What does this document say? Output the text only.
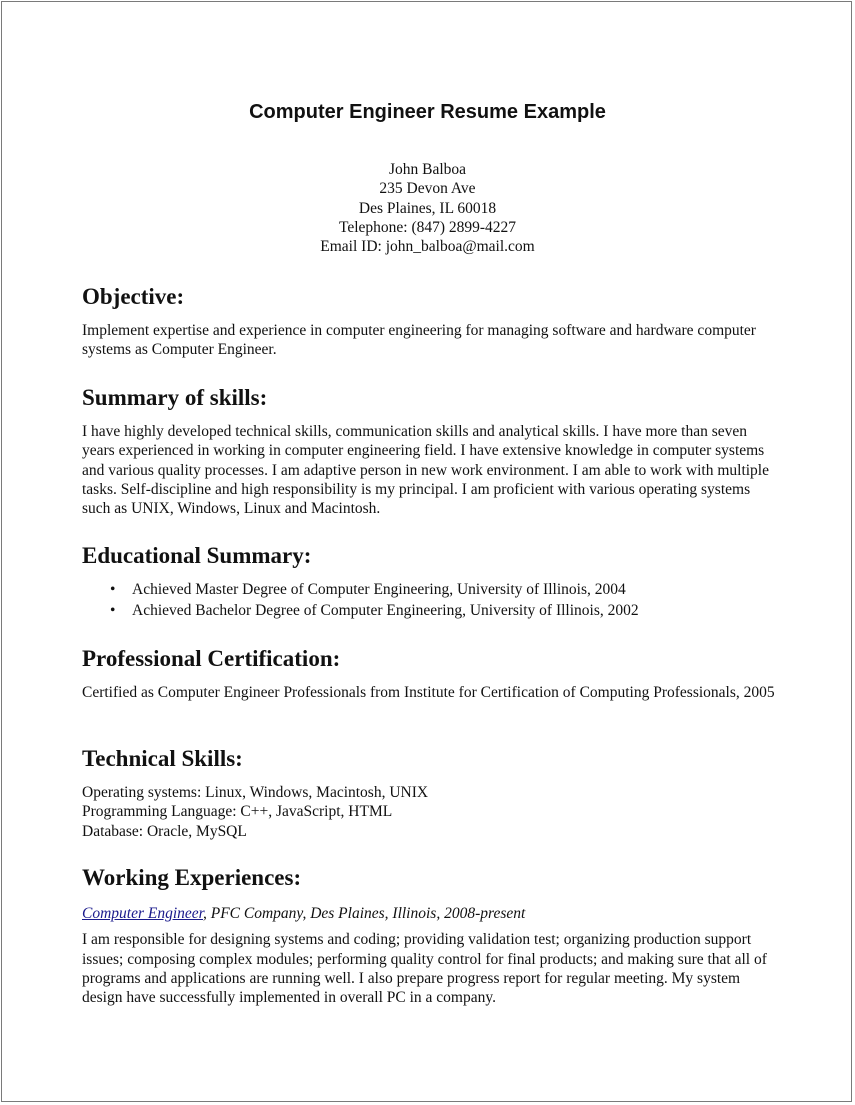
Computer Engineer Resume Example
John Balboa
235 Devon Ave
Des Plaines, IL 60018
Telephone: (847) 2899-4227
Email ID: john_balboa@mail.com
Objective:

Implement expertise and experience in computer engineering for managing software and hardware computer systems as Computer Engineer.

Summary of skills:

I have highly developed technical skills, communication skills and analytical skills. I have more than seven years experienced in working in computer engineering field. I have extensive knowledge in computer systems and various quality processes. I am adaptive person in new work environment. I am able to work with multiple tasks. Self-discipline and high responsibility is my principal. I am proficient with various operating systems such as UNIX, Windows, Linux and Macintosh.

Educational Summary:
• Achieved Master Degree of Computer Engineering, University of Illinois, 2004
• Achieved Bachelor Degree of Computer Engineering, University of Illinois, 2002
Professional Certification:

Certified as Computer Engineer Professionals from Institute for Certification of Computing Professionals, 2005

Technical Skills:
Operating systems: Linux, Windows, Macintosh, UNIX
Programming Language: C++, JavaScript, HTML
Database: Oracle, MySQL
Working Experiences:
Computer Engineer, PFC Company, Des Plaines, Illinois, 2008-present

I am responsible for designing systems and coding; providing validation test; organizing production support issues; composing complex modules; performing quality control for final products; and making sure that all of programs and applications are running well. I also prepare progress report for regular meeting. My system design have successfully implemented in overall PC in a company.
